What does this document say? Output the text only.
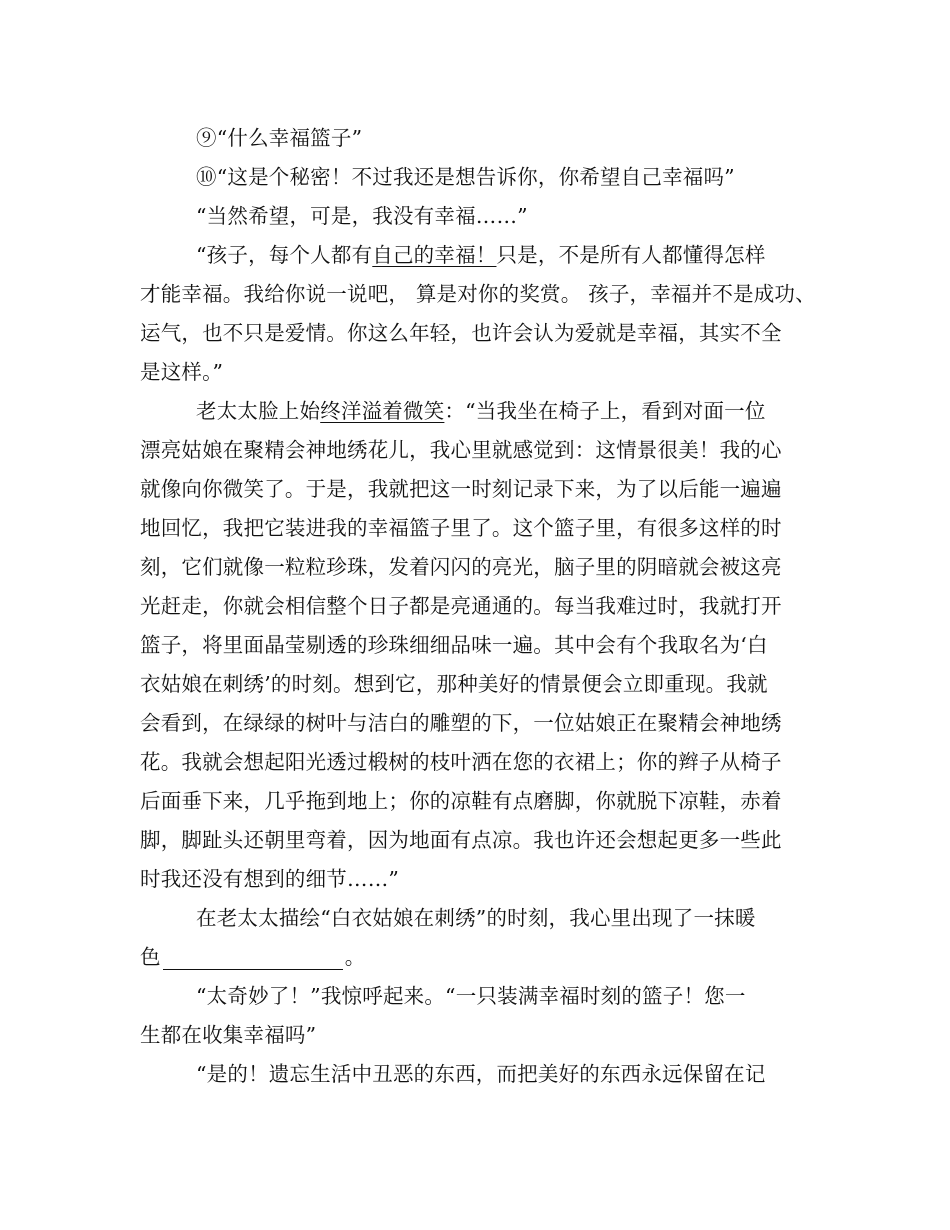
⑨“什么幸福篮子”
⑩“这是个秘密！不过我还是想告诉你，你希望自己幸福吗”
“当然希望，可是，我没有幸福……”
“孩子，每个人都有自己的幸福！只是，不是所有人都懂得怎样
才能幸福。我给你说一说吧， 算是对你的奖赏。 孩子，幸福并不是成功、
运气，也不只是爱情。你这么年轻，也许会认为爱就是幸福，其实不全
是这样。”
老太太脸上始终洋溢着微笑：“当我坐在椅子上，看到对面一位
漂亮姑娘在聚精会神地绣花儿，我心里就感觉到：这情景很美！我的心
就像向你微笑了。于是，我就把这一时刻记录下来，为了以后能一遍遍
地回忆，我把它装进我的幸福篮子里了。这个篮子里，有很多这样的时
刻，它们就像一粒粒珍珠，发着闪闪的亮光，脑子里的阴暗就会被这亮
光赶走，你就会相信整个日子都是亮通通的。每当我难过时，我就打开
篮子，将里面晶莹剔透的珍珠细细品味一遍。其中会有个我取名为‘白
衣姑娘在刺绣’的时刻。想到它，那种美好的情景便会立即重现。我就
会看到，在绿绿的树叶与洁白的雕塑的下，一位姑娘正在聚精会神地绣
花。我就会想起阳光透过椴树的枝叶洒在您的衣裙上；你的辫子从椅子
后面垂下来，几乎拖到地上；你的凉鞋有点磨脚，你就脱下凉鞋，赤着
脚，脚趾头还朝里弯着，因为地面有点凉。我也许还会想起更多一些此
时我还没有想到的细节……”
在老太太描绘“白衣姑娘在刺绣”的时刻，我心里出现了一抹暖
色	。
“太奇妙了！”我惊呼起来。“一只装满幸福时刻的篮子！您一
生都在收集幸福吗”
“是的！遗忘生活中丑恶的东西，而把美好的东西永远保留在记
